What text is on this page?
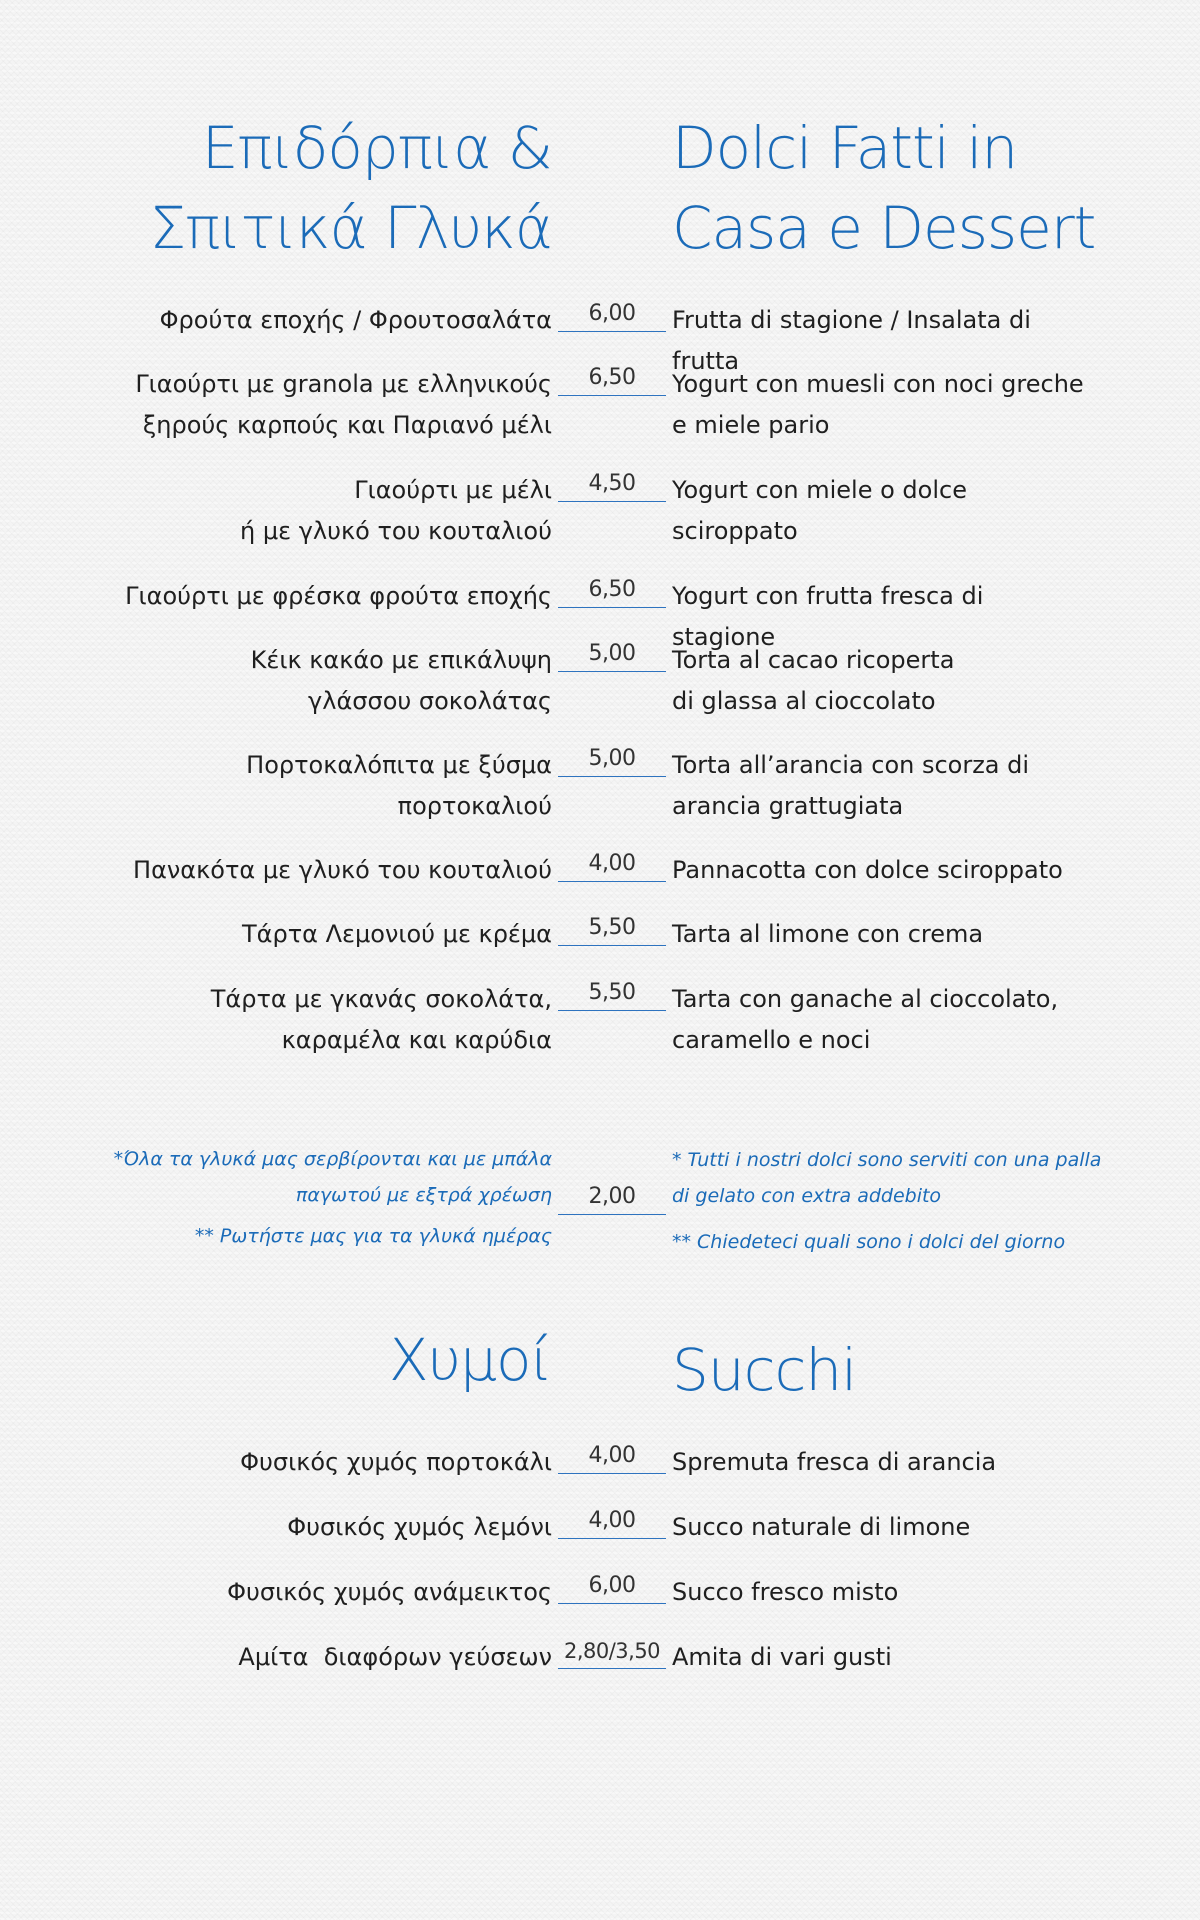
Επιδόρπια &
Σπιτικά Γλυκά
Dolci Fatti in
Casa e Dessert
Φρούτα εποχής / Φρουτοσαλάτα	6,00	Frutta di stagione / Insalata di frutta
Γιαούρτι με granola με ελληνικούς ξηρούς καρπούς και Παριανό μέλι
6,50	Yogurt con muesli con noci greche e miele pario
Γιαούρτι με μέλι
ή με γλυκό του κουταλιού
4,50	Yogurt con miele o dolce sciroppato
Γιαούρτι με φρέσκα φρούτα εποχής	6,50	Yogurt con frutta fresca di stagione
Κέικ κακάο με επικάλυψη
γλάσσου σοκολάτας
5,00	Torta al cacao ricoperta
di glassa al cioccolato
Πορτοκαλόπιτα με ξύσμα
πορτοκαλιού
5,00	Torta all’arancia con scorza di arancia grattugiata
Πανακότα με γλυκό του κουταλιού	4,00	Pannacotta con dolce sciroppato
Τάρτα Λεμονιού με κρέμα	5,50	Tarta al limone con crema
Τάρτα με γκανάς σοκολάτα,
καραμέλα και καρύδια
5,50	Tarta con ganache al cioccolato,
caramello e noci

*Όλα τα γλυκά μας σερβίρονται και με μπάλα
παγωτού με εξτρά χρέωση

** Ρωτήστε μας για τα γλυκά ημέρας

2,00

* Tutti i nostri dolci sono serviti con una palla
di gelato con extra addebito

** Chiedeteci quali sono i dolci del giorno

Χυμοί Succhi
Φυσικός χυμός πορτοκάλι	4,00	Spremuta fresca di arancia
Φυσικός χυμός λεμόνι	4,00	Succo naturale di limone
Φυσικός χυμός ανάμεικτος	6,00	Succo fresco misto
Αμίτα  διαφόρων γεύσεων 2,80/3,50 Amita di vari gusti
